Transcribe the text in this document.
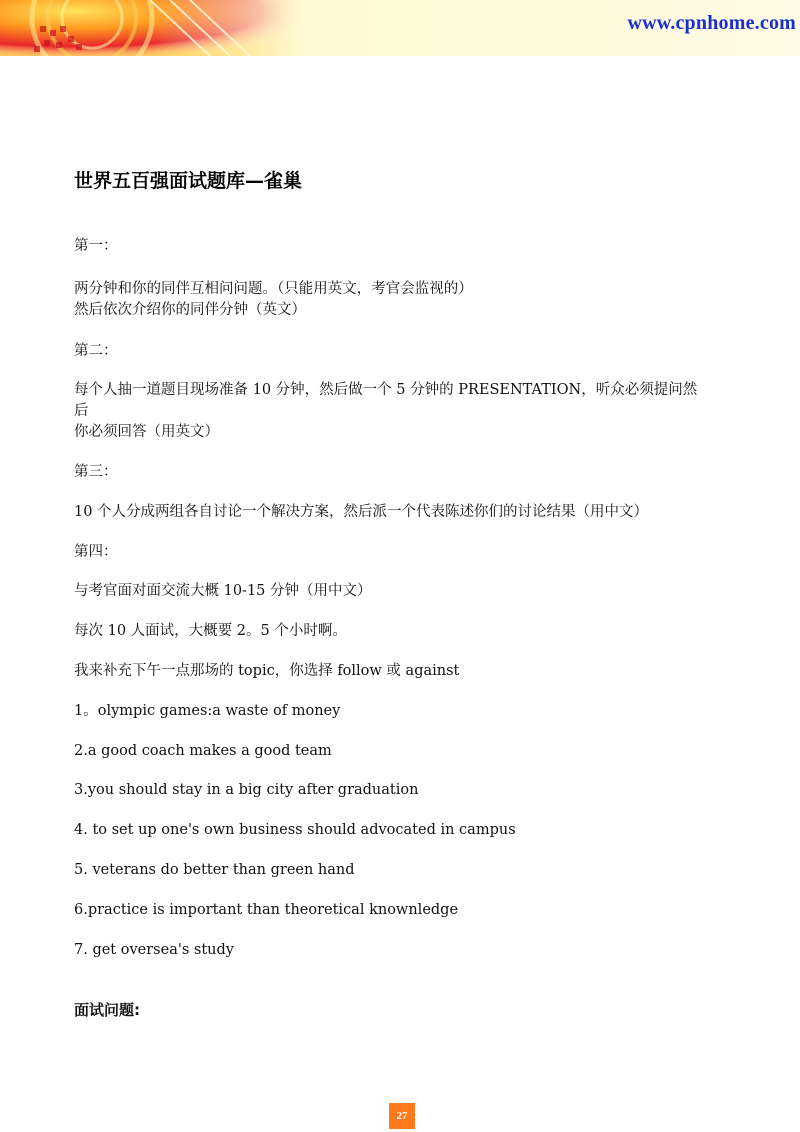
www.cpnhome.com
世界五百强面试题库—雀巢
第一：
两分钟和你的同伴互相问问题。（只能用英文，考官会监视的）
然后依次介绍你的同伴分钟（英文）
第二：
每个人抽一道题目现场准备 10 分钟，然后做一个 5 分钟的 PRESENTATION，听众必须提问然
后
你必须回答（用英文）
第三：
10 个人分成两组各自讨论一个解决方案，然后派一个代表陈述你们的讨论结果（用中文）
第四：
与考官面对面交流大概 10-15 分钟（用中文）
每次 10 人面试，大概要 2。5 个小时啊。
我来补充下午一点那场的 topic，你选择 follow 或 against
1。olympic games:a waste of money
2.a good coach makes a good team
3.you should stay in a big city after graduation
4. to set up one's own business should advocated in campus
5. veterans do better than green hand
6.practice is important than theoretical knownledge
7. get oversea's study
面试问题:
27
